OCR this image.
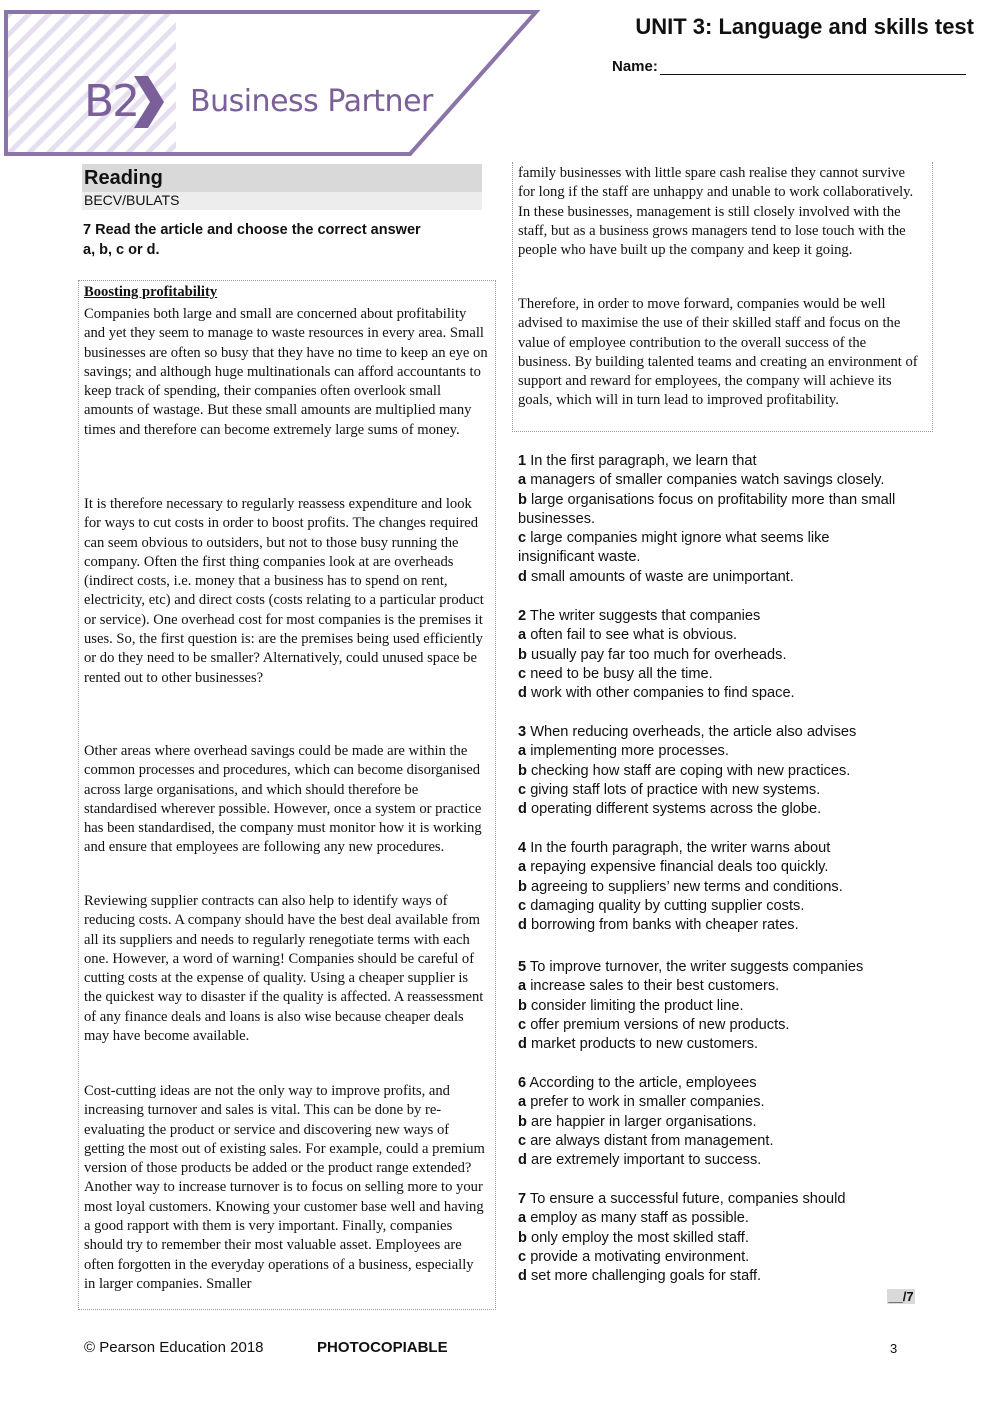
B2 Business Partner
UNIT 3: Language and skills test
Name:
Reading
BECV/BULATS
7 Read the article and choose the correct answer
a, b, c or d.
Boosting profitability

Companies both large and small are concerned about profitability and yet they seem to manage to waste resources in every area. Small businesses are often so busy that they have no time to keep an eye on savings; and although huge multinationals can afford accountants to keep track of spending, their companies often overlook small amounts of wastage. But these small amounts are multiplied many times and therefore can become extremely large sums of money.

It is therefore necessary to regularly reassess expenditure and look for ways to cut costs in order to boost profits. The changes required can seem obvious to outsiders, but not to those busy running the company. Often the first thing companies look at are overheads (indirect costs, i.e. money that a business has to spend on rent, electricity, etc) and direct costs (costs relating to a particular product or service). One overhead cost for most companies is the premises it uses. So, the first question is: are the premises being used efficiently or do they need to be smaller? Alternatively, could unused space be rented out to other businesses?

Other areas where overhead savings could be made are within the common processes and procedures, which can become disorganised across large organisations, and which should therefore be standardised wherever possible. However, once a system or practice has been standardised, the company must monitor how it is working and ensure that employees are following any new procedures.

Reviewing supplier contracts can also help to identify ways of reducing costs. A company should have the best deal available from all its suppliers and needs to regularly renegotiate terms with each one. However, a word of warning! Companies should be careful of cutting costs at the expense of quality. Using a cheaper supplier is the quickest way to disaster if the quality is affected. A reassessment of any finance deals and loans is also wise because cheaper deals may have become available.

Cost-cutting ideas are not the only way to improve profits, and increasing turnover and sales is vital. This can be done by re-evaluating the product or service and discovering new ways of getting the most out of existing sales. For example, could a premium version of those products be added or the product range extended? Another way to increase turnover is to focus on selling more to your most loyal customers. Knowing your customer base well and having a good rapport with them is very important. Finally, companies should try to remember their most valuable asset. Employees are often forgotten in the everyday operations of a business, especially in larger companies. Smaller

family businesses with little spare cash realise they cannot survive for long if the staff are unhappy and unable to work collaboratively. In these businesses, management is still closely involved with the staff, but as a business grows managers tend to lose touch with the people who have built up the company and keep it going.

Therefore, in order to move forward, companies would be well advised to maximise the use of their skilled staff and focus on the value of employee contribution to the overall success of the business. By building talented teams and creating an environment of support and reward for employees, the company will achieve its goals, which will in turn lead to improved profitability.

1 In the first paragraph, we learn that
a managers of smaller companies watch savings closely.
b large organisations focus on profitability more than small businesses.
c large companies might ignore what seems like insignificant waste.
d small amounts of waste are unimportant.
2 The writer suggests that companies
a often fail to see what is obvious.
b usually pay far too much for overheads.
c need to be busy all the time.
d work with other companies to find space.
3 When reducing overheads, the article also advises
a implementing more processes.
b checking how staff are coping with new practices.
c giving staff lots of practice with new systems.
d operating different systems across the globe.
4 In the fourth paragraph, the writer warns about
a repaying expensive financial deals too quickly.
b agreeing to suppliers’ new terms and conditions.
c damaging quality by cutting supplier costs.
d borrowing from banks with cheaper rates.
5 To improve turnover, the writer suggests companies
a increase sales to their best customers.
b consider limiting the product line.
c offer premium versions of new products.
d market products to new customers.
6 According to the article, employees
a prefer to work in smaller companies.
b are happier in larger organisations.
c are always distant from management.
d are extremely important to success.
7 To ensure a successful future, companies should
a employ as many staff as possible.
b only employ the most skilled staff.
c provide a motivating environment.
d set more challenging goals for staff.
__/7
© Pearson Education 2018	PHOTOCOPIABLE	3
